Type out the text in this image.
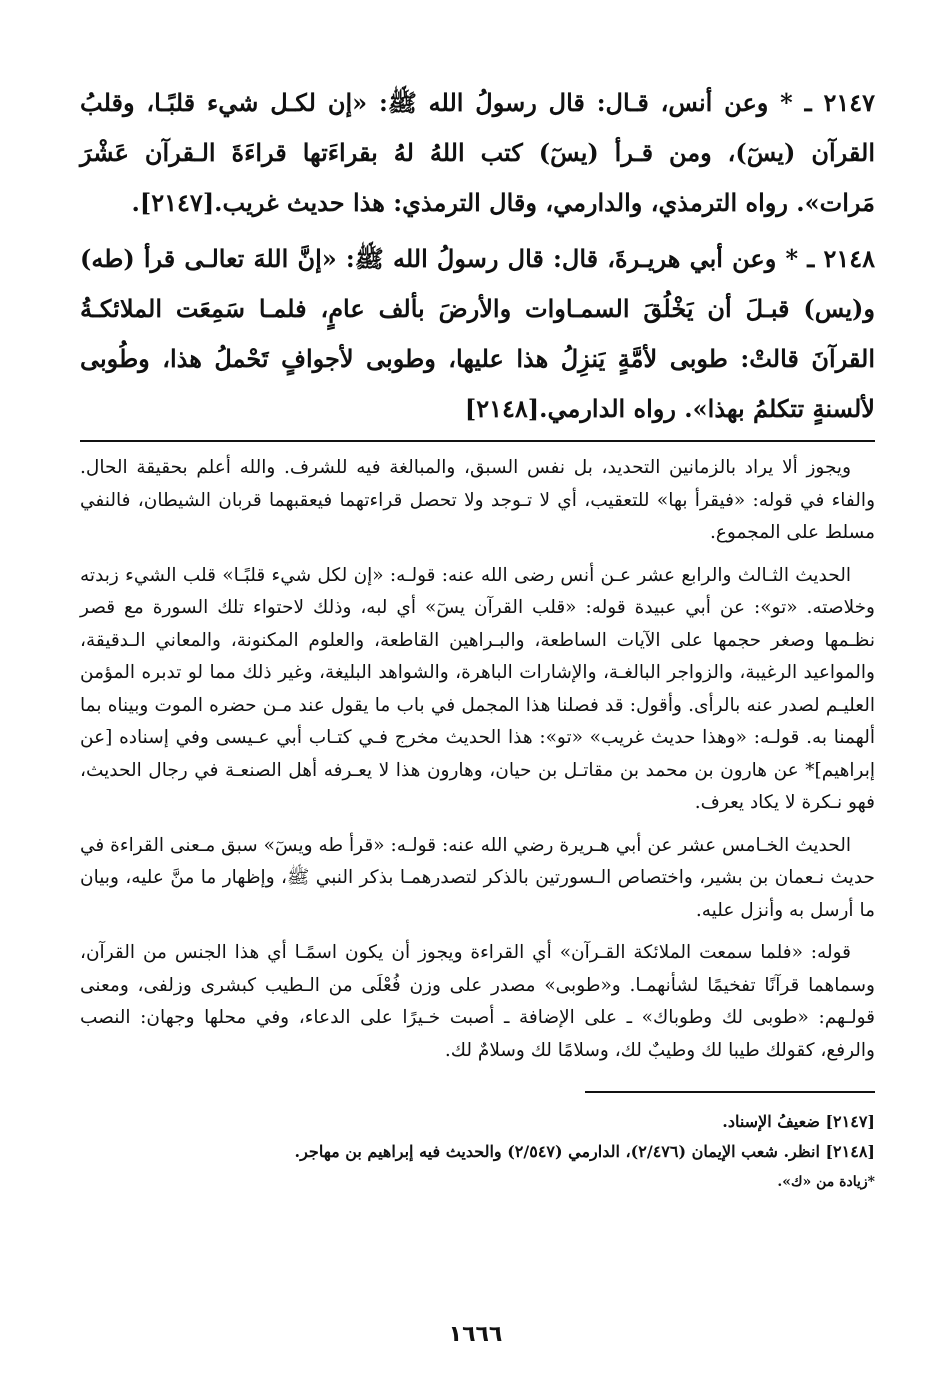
٢١٤٧ ـ * وعن أنس، قـال: قال رسولُ الله ﷺ: «إن لكـل شيء قلبًـا، وقلبُ القرآن (يسٓ)، ومن قـرأ (يسٓ) كتب اللهُ لهُ بقراءَتها قراءَةَ الـقرآن عَشْرَ مَرات». رواه الترمذي، والدارمي، وقال الترمذي: هذا حديث غريب.[٢١٤٧].

٢١٤٨ ـ * وعن أبي هريـرةَ، قال: قال رسولُ الله ﷺ: «إنَّ اللهَ تعالـى قرأ (طه) و(يس) قبـلَ أن يَخْلُقَ السمـاوات والأرضَ بألف عامٍ، فلمـا سَمِعَت الملائكـةُ القرآنَ قالتْ: طوبى لأمَّةٍ يَنزِلُ هذا عليها، وطوبى لأجوافٍ تَحْملُ هذا، وطُوبى لألسنةٍ تتكلمُ بهذا». رواه الدارمي.[٢١٤٨]

ويجوز ألا يراد بالزمانين التحديد، بل نفس السبق، والمبالغة فيه للشرف. والله أعلم بحقيقة الحال. والفاء في قوله: «فيقرأ بها» للتعقيب، أي لا تـوجد ولا تحصل قراءتهما فيعقبهما قربان الشيطان، فالنفي مسلط على المجموع.

الحديث الثـالث والرابع عشر عـن أنس رضى الله عنه: قولـه: «إن لكل شيء قلبًـا» قلب الشيء زبدته وخلاصته. «تو»: عن أبي عبيدة قوله: «قلب القرآن يسٓ» أي لبه، وذلك لاحتواء تلك السورة مع قصر نظـمها وصغر حجمها على الآيات الساطعة، والبـراهين القاطعة، والعلوم المكنونة، والمعاني الـدقيقة، والمواعيد الرغيبة، والزواجر البالغـة، والإشارات الباهرة، والشواهد البليغة، وغير ذلك مما لو تدبره المؤمن العليـم لصدر عنه بالرأى. وأقول: قد فصلنا هذا المجمل في باب ما يقول عند مـن حضره الموت وبيناه بما ألهمنا به. قولـه: «وهذا حديث غريب» «تو»: هذا الحديث مخرج فـي كتـاب أبي عـيسى وفي إسناده [عن إبراهيم]* عن هارون بن محمد بن مقاتـل بن حيان، وهارون هذا لا يعـرفه أهل الصنعـة في رجال الحديث، فهو نـكرة لا يكاد يعرف.

الحديث الخـامس عشر عن أبي هـريرة رضي الله عنه: قولـه: «قرأ طه ويسٓ» سبق مـعنى القراءة في حديث نـعمان بن بشير، واختصاص الـسورتين بالذكر لتصدرهمـا بذكر النبي ﷺ، وإظهار ما منَّ عليه، وبيان ما أرسل به وأنزل عليه.

قوله: «فلما سمعت الملائكة القـرآن» أي القراءة ويجوز أن يكون اسمًـا أي هذا الجنس من القرآن، وسماهما قرآنًا تفخيمًا لشأنهمـا. و«طوبى» مصدر على وزن فُعْلَى من الـطيب كبشرى وزلفى، ومعنى قولـهم: «طوبى لك وطوباك» ـ على الإضافة ـ أصبت خـيرًا على الدعاء، وفي محلها وجهان: النصب والرفع، كقولك طيبا لك وطيبٌ لك، وسلامًا لك وسلامٌ لك.

[٢١٤٧] ضعيفُ الإسناد.

[٢١٤٨] انظر. شعب الإيمان (٢/٤٧٦)، الدارمي (٢/٥٤٧) والحديث فيه إبراهيم بن مهاجر.

*زيادة من «ك».

١٦٦٦
